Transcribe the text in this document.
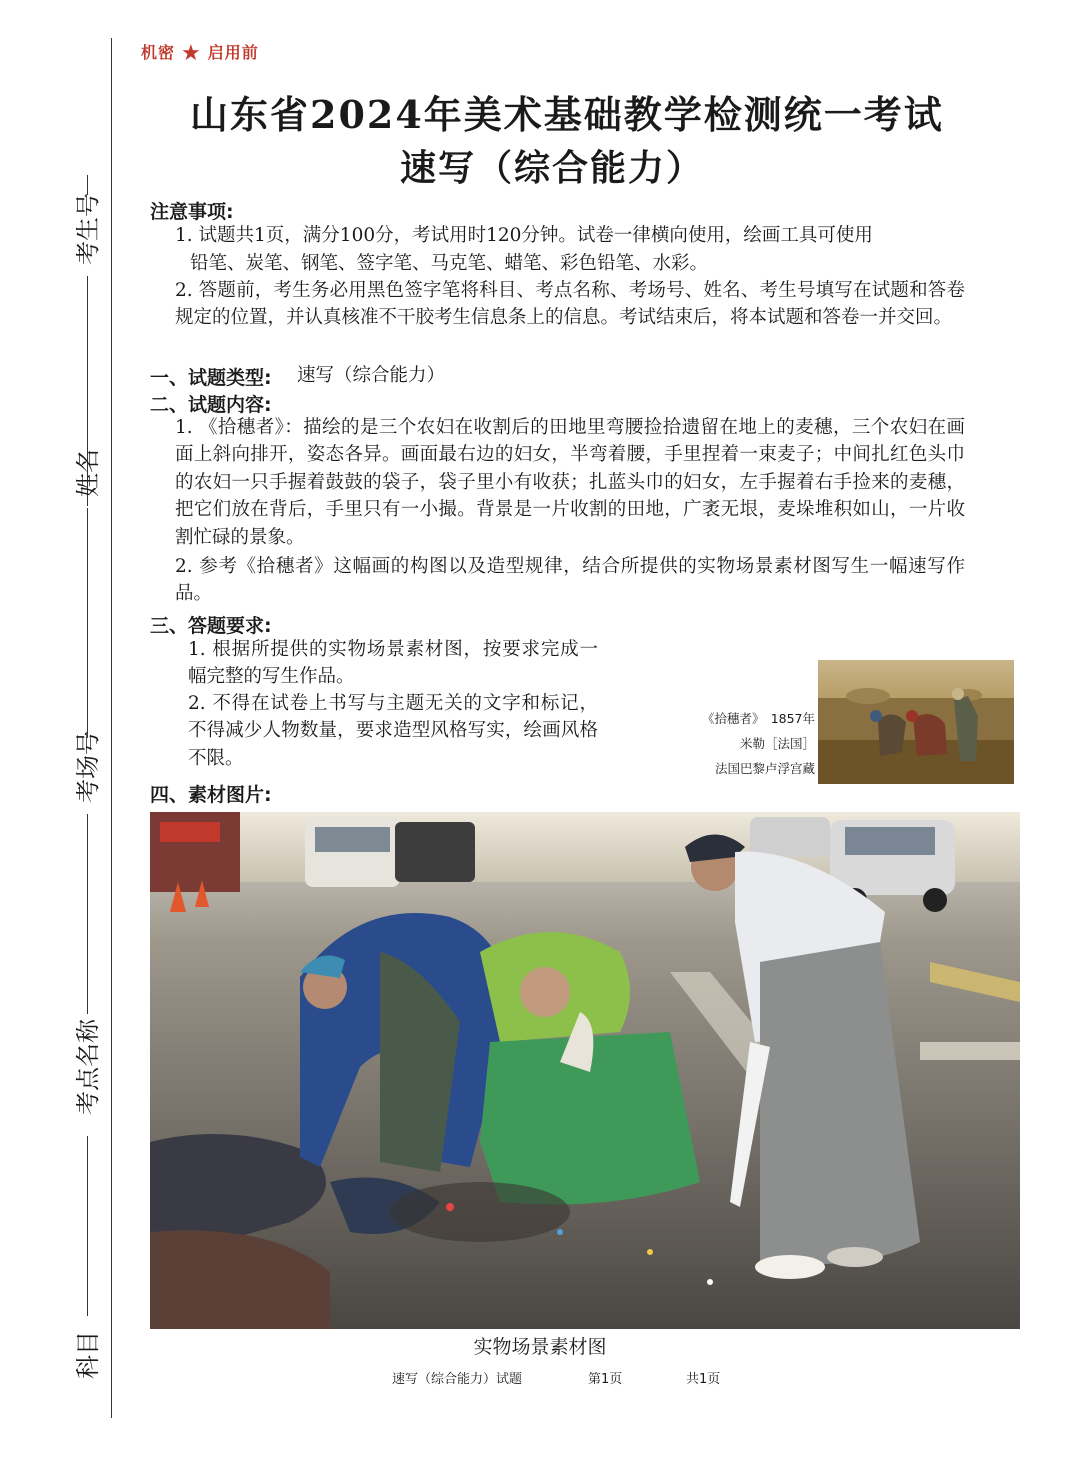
考生号
姓名
考场号
考点名称
科目
机密 ★ 启用前
山东省2024年美术基础教学检测统一考试
速写（综合能力）
注意事项:
1. 试题共1页，满分100分，考试用时120分钟。试卷一律横向使用，绘画工具可使用
铅笔、炭笔、钢笔、签字笔、马克笔、蜡笔、彩色铅笔、水彩。
2. 答题前，考生务必用黑色签字笔将科目、考点名称、考场号、姓名、考生号填写在试题和答卷规定的位置，并认真核准不干胶考生信息条上的信息。考试结束后，将本试题和答卷一并交回。
一、试题类型: 速写（综合能力）
二、试题内容:
1. 《拾穗者》：描绘的是三个农妇在收割后的田地里弯腰捡拾遗留在地上的麦穗，三个农妇在画面上斜向排开，姿态各异。画面最右边的妇女，半弯着腰，手里捏着一束麦子；中间扎红色头巾的农妇一只手握着鼓鼓的袋子，袋子里小有收获；扎蓝头巾的妇女，左手握着右手捡来的麦穗，把它们放在背后，手里只有一小撮。背景是一片收割的田地，广袤无垠，麦垛堆积如山，一片收割忙碌的景象。
2. 参考《拾穗者》这幅画的构图以及造型规律，结合所提供的实物场景素材图写生一幅速写作品。
三、答题要求:
1. 根据所提供的实物场景素材图，按要求完成一幅完整的写生作品。
2. 不得在试卷上书写与主题无关的文字和标记，不得减少人物数量，要求造型风格写实，绘画风格不限。
《拾穗者》　1857年
米勒［法国］
法国巴黎卢浮宫藏
四、素材图片:
实物场景素材图
速写（综合能力）试题	第1页	共1页
